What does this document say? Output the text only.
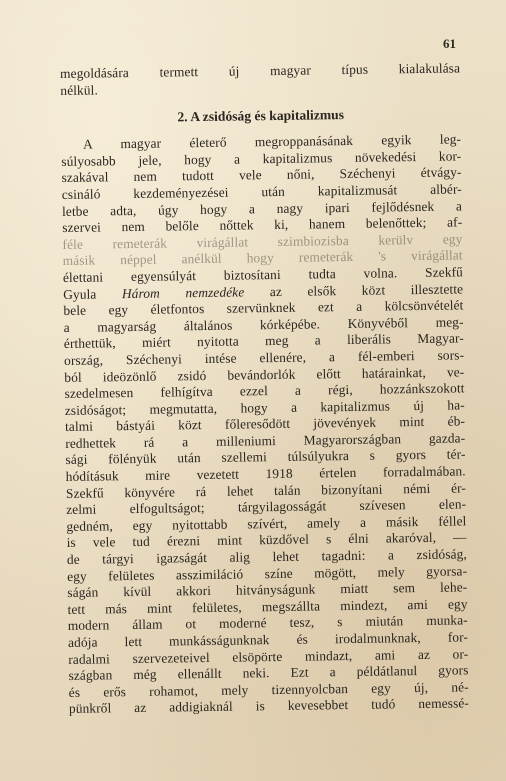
61
megoldására termett új magyar típus kialakulása
nélkül.
2. A zsidóság és kapitalizmus
A magyar életerő megroppanásának egyik leg-
súlyosabb jele, hogy a kapitalizmus növekedési kor-
szakával nem tudott vele nőni, Széchenyi étvágy-
csináló kezdeményezései után kapitalizmusát albér-
letbe adta, úgy hogy a nagy ipari fejlődésnek a
szervei nem belőle nőttek ki, hanem belenőttek; af-
féle remeterák virágállat szimbiozisba kerülv egy
másik néppel anélkül hogy remeterák 's virágállat
élettani egyensúlyát biztosítani tudta volna. Szekfű
Gyula Három nemzedéke az elsők közt illesztette
bele egy életfontos szervünknek ezt a kölcsönvételét
a magyarság általános kórképébe. Könyvéből meg-
érthettük, miért nyitotta meg a liberális Magyar-
ország, Széchenyi intése ellenére, a fél-emberi sors-
ból ideözönlő zsidó bevándorlók előtt határainkat, ve-
szedelmesen felhígítva ezzel a régi, hozzánkszokott
zsidóságot; megmutatta, hogy a kapitalizmus új ha-
talmi bástyái közt főleresődött jövevények mint éb-
redhettek rá a milleniumi Magyarországban gazda-
sági fölényük után szellemi túlsúlyukra s gyors tér-
hódításuk mire vezetett 1918 értelen forradalmában.
Szekfű könyvére rá lehet talán bizonyítani némi ér-
zelmi elfogultságot; tárgyilagosságát szívesen elen-
gedném, egy nyitottabb szívért, amely a másik féllel
is vele tud érezni mint küzdővel s élni akaróval, —
de tárgyi igazságát alig lehet tagadni: a zsidóság,
egy felületes asszimiláció színe mögött, mely gyorsa-
ságán kívül akkori hitványságunk miatt sem lehe-
tett más mint felületes, megszállta mindezt, ami egy
modern állam ot moderné tesz, s miután munka-
adója lett munkásságunknak és irodalmunknak, for-
radalmi szervezeteivel elsöpörte mindazt, ami az or-
szágban még ellenállt neki. Ezt a példátlanul gyors
és erős rohamot, mely tizennyolcban egy új, né-
pünkről az addigiaknál is kevesebbet tudó nemessé-
